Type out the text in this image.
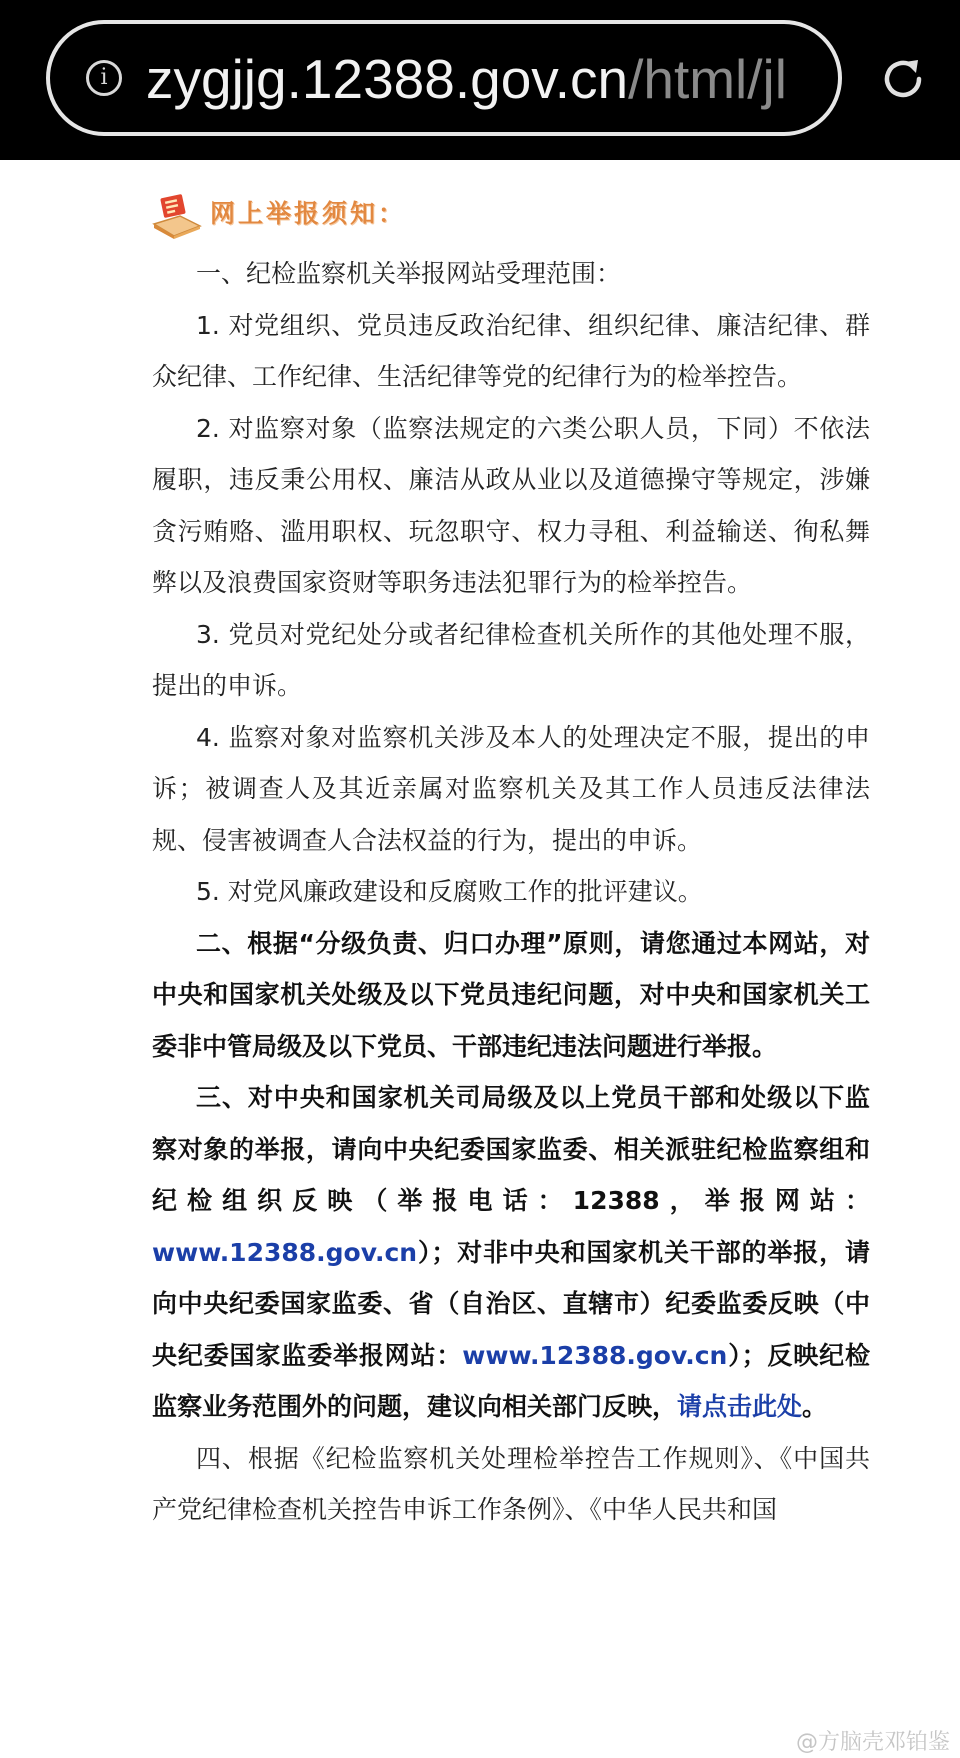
i zygjjg.12388.gov.cn/html/jl
网上举报须知：

一、纪检监察机关举报网站受理范围：

1. 对党组织、党员违反政治纪律、组织纪律、廉洁纪律、群众纪律、工作纪律、生活纪律等党的纪律行为的检举控告。

2. 对监察对象（监察法规定的六类公职人员，下同）不依法履职，违反秉公用权、廉洁从政从业以及道德操守等规定，涉嫌贪污贿赂、滥用职权、玩忽职守、权力寻租、利益输送、徇私舞弊以及浪费国家资财等职务违法犯罪行为的检举控告。

3. 党员对党纪处分或者纪律检查机关所作的其他处理不服，提出的申诉。

4. 监察对象对监察机关涉及本人的处理决定不服，提出的申诉；被调查人及其近亲属对监察机关及其工作人员违反法律法规、侵害被调查人合法权益的行为，提出的申诉。

5. 对党风廉政建设和反腐败工作的批评建议。

二、根据“分级负责、归口办理”原则，请您通过本网站，对中央和国家机关处级及以下党员违纪问题，对中央和国家机关工委非中管局级及以下党员、干部违纪违法问题进行举报。

三、对中央和国家机关司局级及以上党员干部和处级以下监察对象的举报，请向中央纪委国家监委、相关派驻纪检监察组和纪检组织反映（举报电话：12388，举报网站：www.12388.gov.cn）；对非中央和国家机关干部的举报，请向中央纪委国家监委、省（自治区、直辖市）纪委监委反映（中央纪委国家监委举报网站：www.12388.gov.cn）；反映纪检监察业务范围外的问题，建议向相关部门反映，请点击此处。

四、根据《纪检监察机关处理检举控告工作规则》、《中国共产党纪律检查机关控告申诉工作条例》、《中华人民共和国

@方脑壳邓铂鉴
